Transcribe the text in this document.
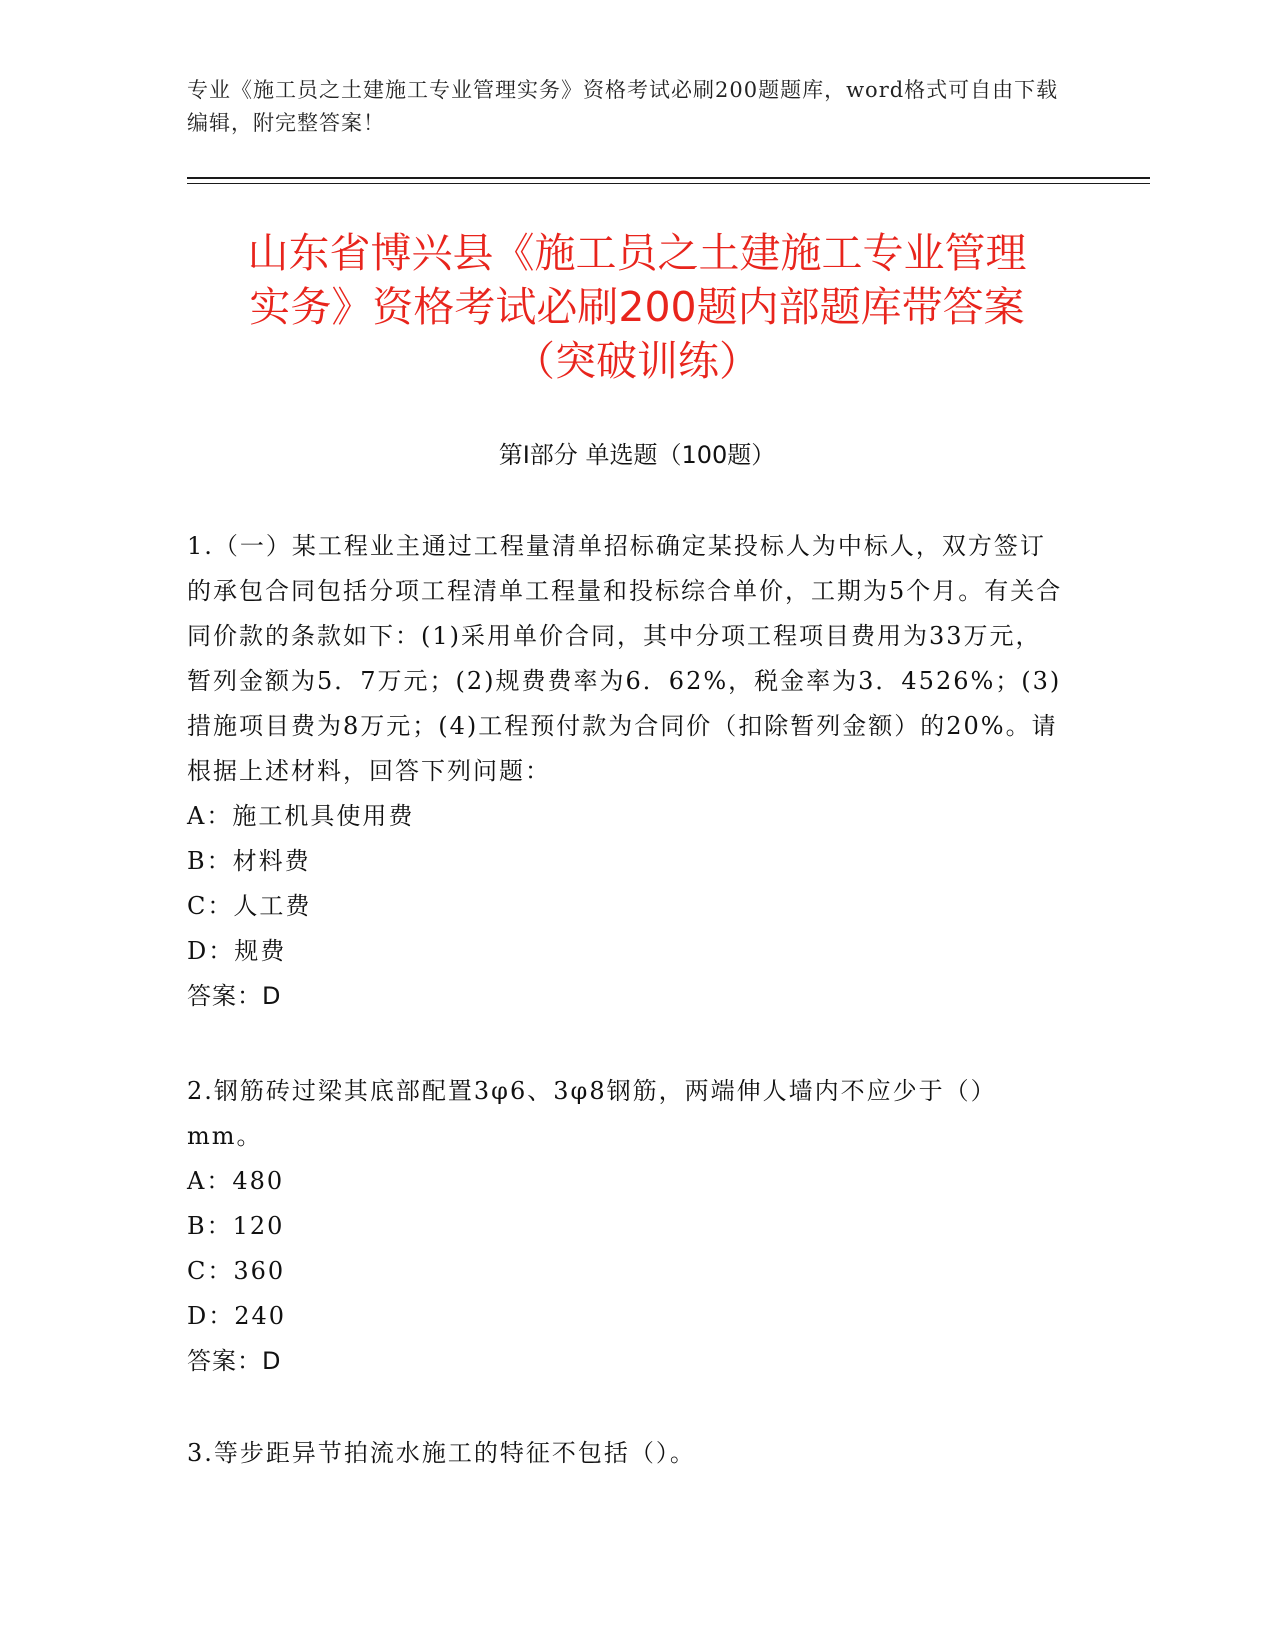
专业《施工员之土建施工专业管理实务》资格考试必刷200题题库，word格式可自由下载编辑，附完整答案！
山东省博兴县《施工员之土建施工专业管理
实务》资格考试必刷200题内部题库带答案
（突破训练）
第I部分 单选题（100题）

1.（一）某工程业主通过工程量清单招标确定某投标人为中标人，双方签订的承包合同包括分项工程清单工程量和投标综合单价，工期为5个月。有关合同价款的条款如下：(1)采用单价合同，其中分项工程项目费用为33万元，暂列金额为5．7万元；(2)规费费率为6．62%，税金率为3．4526%；(3)措施项目费为8万元；(4)工程预付款为合同价（扣除暂列金额）的20%。请根据上述材料，回答下列问题：

A：施工机具使用费

B：材料费

C：人工费

D：规费

答案：D

2.钢筋砖过梁其底部配置3φ6、3φ8钢筋，两端伸人墙内不应少于（）mm。

A：480

B：120

C：360

D：240

答案：D

3.等步距异节拍流水施工的特征不包括（）。
